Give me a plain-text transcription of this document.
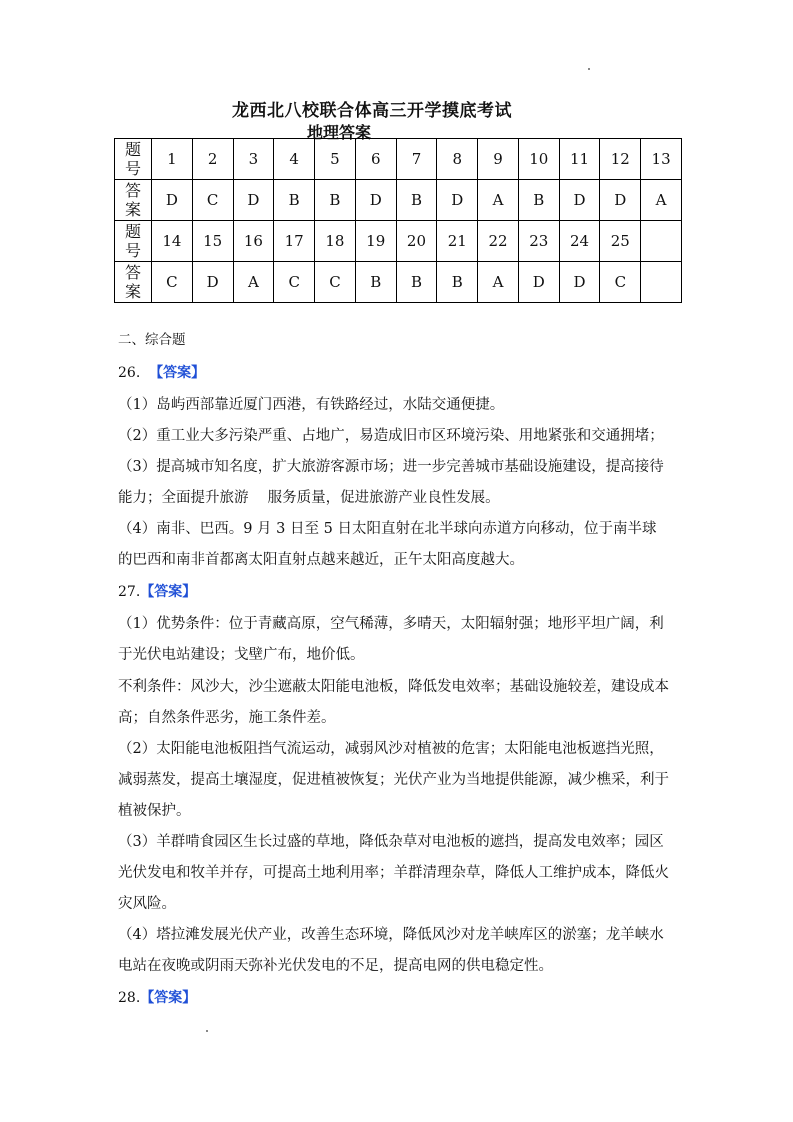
龙西北八校联合体高三开学摸底考试
地理答案
题
号	1	2	3	4	5	6	7	8	9	10	11	12	13

答
案	D	C	D	B	B	D	B	D	A	B	D	D	A

题
号	14	15	16	17	18	19	20	21	22	23	24	25	

答
案	C	D	A	C	C	B	B	B	A	D	D	C	
二、综合题
26. 【答案】
（1）岛屿西部靠近厦门西港，有铁路经过，水陆交通便捷。
（2）重工业大多污染严重、占地广，易造成旧市区环境污染、用地紧张和交通拥堵；
（3）提高城市知名度，扩大旅游客源市场；进一步完善城市基础设施建设，提高接待
能力；全面提升旅游　 服务质量，促进旅游产业良性发展。
（4）南非、巴西。9 月 3 日至 5 日太阳直射在北半球向赤道方向移动，位于南半球
的巴西和南非首都离太阳直射点越来越近，正午太阳高度越大。
27.【答案】
（1）优势条件：位于青藏高原，空气稀薄，多晴天，太阳辐射强；地形平坦广阔，利
于光伏电站建设；戈壁广布，地价低。
不利条件：风沙大，沙尘遮蔽太阳能电池板，降低发电效率；基础设施较差，建设成本
高；自然条件恶劣，施工条件差。
（2）太阳能电池板阻挡气流运动，减弱风沙对植被的危害；太阳能电池板遮挡光照，
减弱蒸发，提高土壤湿度，促进植被恢复；光伏产业为当地提供能源，减少樵采，利于
植被保护。
（3）羊群啃食园区生长过盛的草地，降低杂草对电池板的遮挡，提高发电效率；园区
光伏发电和牧羊并存，可提高土地利用率；羊群清理杂草，降低人工维护成本，降低火
灾风险。
（4）塔拉滩发展光伏产业，改善生态环境，降低风沙对龙羊峡库区的淤塞；龙羊峡水
电站在夜晚或阴雨天弥补光伏发电的不足，提高电网的供电稳定性。
28.【答案】
